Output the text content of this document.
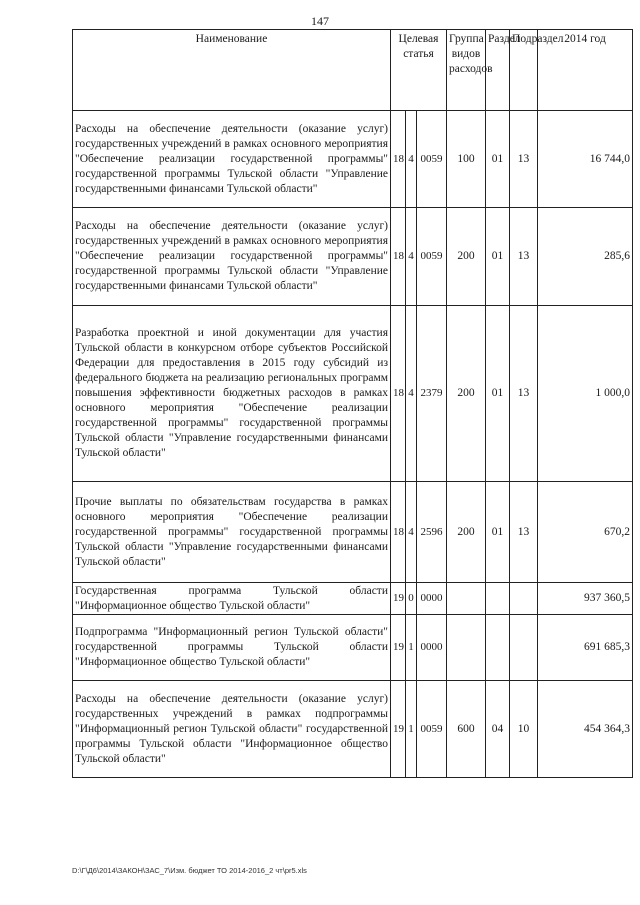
147
Наименование	Целевая статья			Группа видов расходов	Раздел	Подраздел	2014 год
Расходы на обеспечение деятельности (оказание услуг) государственных учреждений в рамках основного мероприятия "Обеспечение реализации государственной программы" государственной программы Тульской области "Управление государственными финансами Тульской области"	18	4	0059	100	01	13	16 744,0
Расходы на обеспечение деятельности (оказание услуг) государственных учреждений в рамках основного мероприятия "Обеспечение реализации государственной программы" государственной программы Тульской области "Управление государственными финансами Тульской области"	18	4	0059	200	01	13	285,6
Разработка проектной и иной документации для участия Тульской области в конкурсном отборе субъектов Российской Федерации для предоставления в 2015 году субсидий из федерального бюджета на реализацию региональных программ повышения эффективности бюджетных расходов в рамках основного мероприятия "Обеспечение реализации государственной программы" государственной программы Тульской области "Управление государственными финансами Тульской области"	18	4	2379	200	01	13	1 000,0
Прочие выплаты по обязательствам государства в рамках основного мероприятия "Обеспечение реализации государственной программы" государственной программы Тульской области "Управление государственными финансами Тульской области"	18	4	2596	200	01	13	670,2
Государственная программа Тульской области "Информационное общество Тульской области"	19	0	0000				937 360,5
Подпрограмма "Информационный регион Тульской области" государственной программы Тульской области "Информационное общество Тульской области"	19	1	0000				691 685,3
Расходы на обеспечение деятельности (оказание услуг) государственных учреждений в рамках подпрограммы "Информационный регион Тульской области" государственной программы Тульской области "Информационное общество Тульской области"	19	1	0059	600	04	10	454 364,3
D:\Г\Д6\2014\ЗАКОН\ЗАС_7\Изм. бюджет ТО 2014-2016_2 чт\pr5.xls
